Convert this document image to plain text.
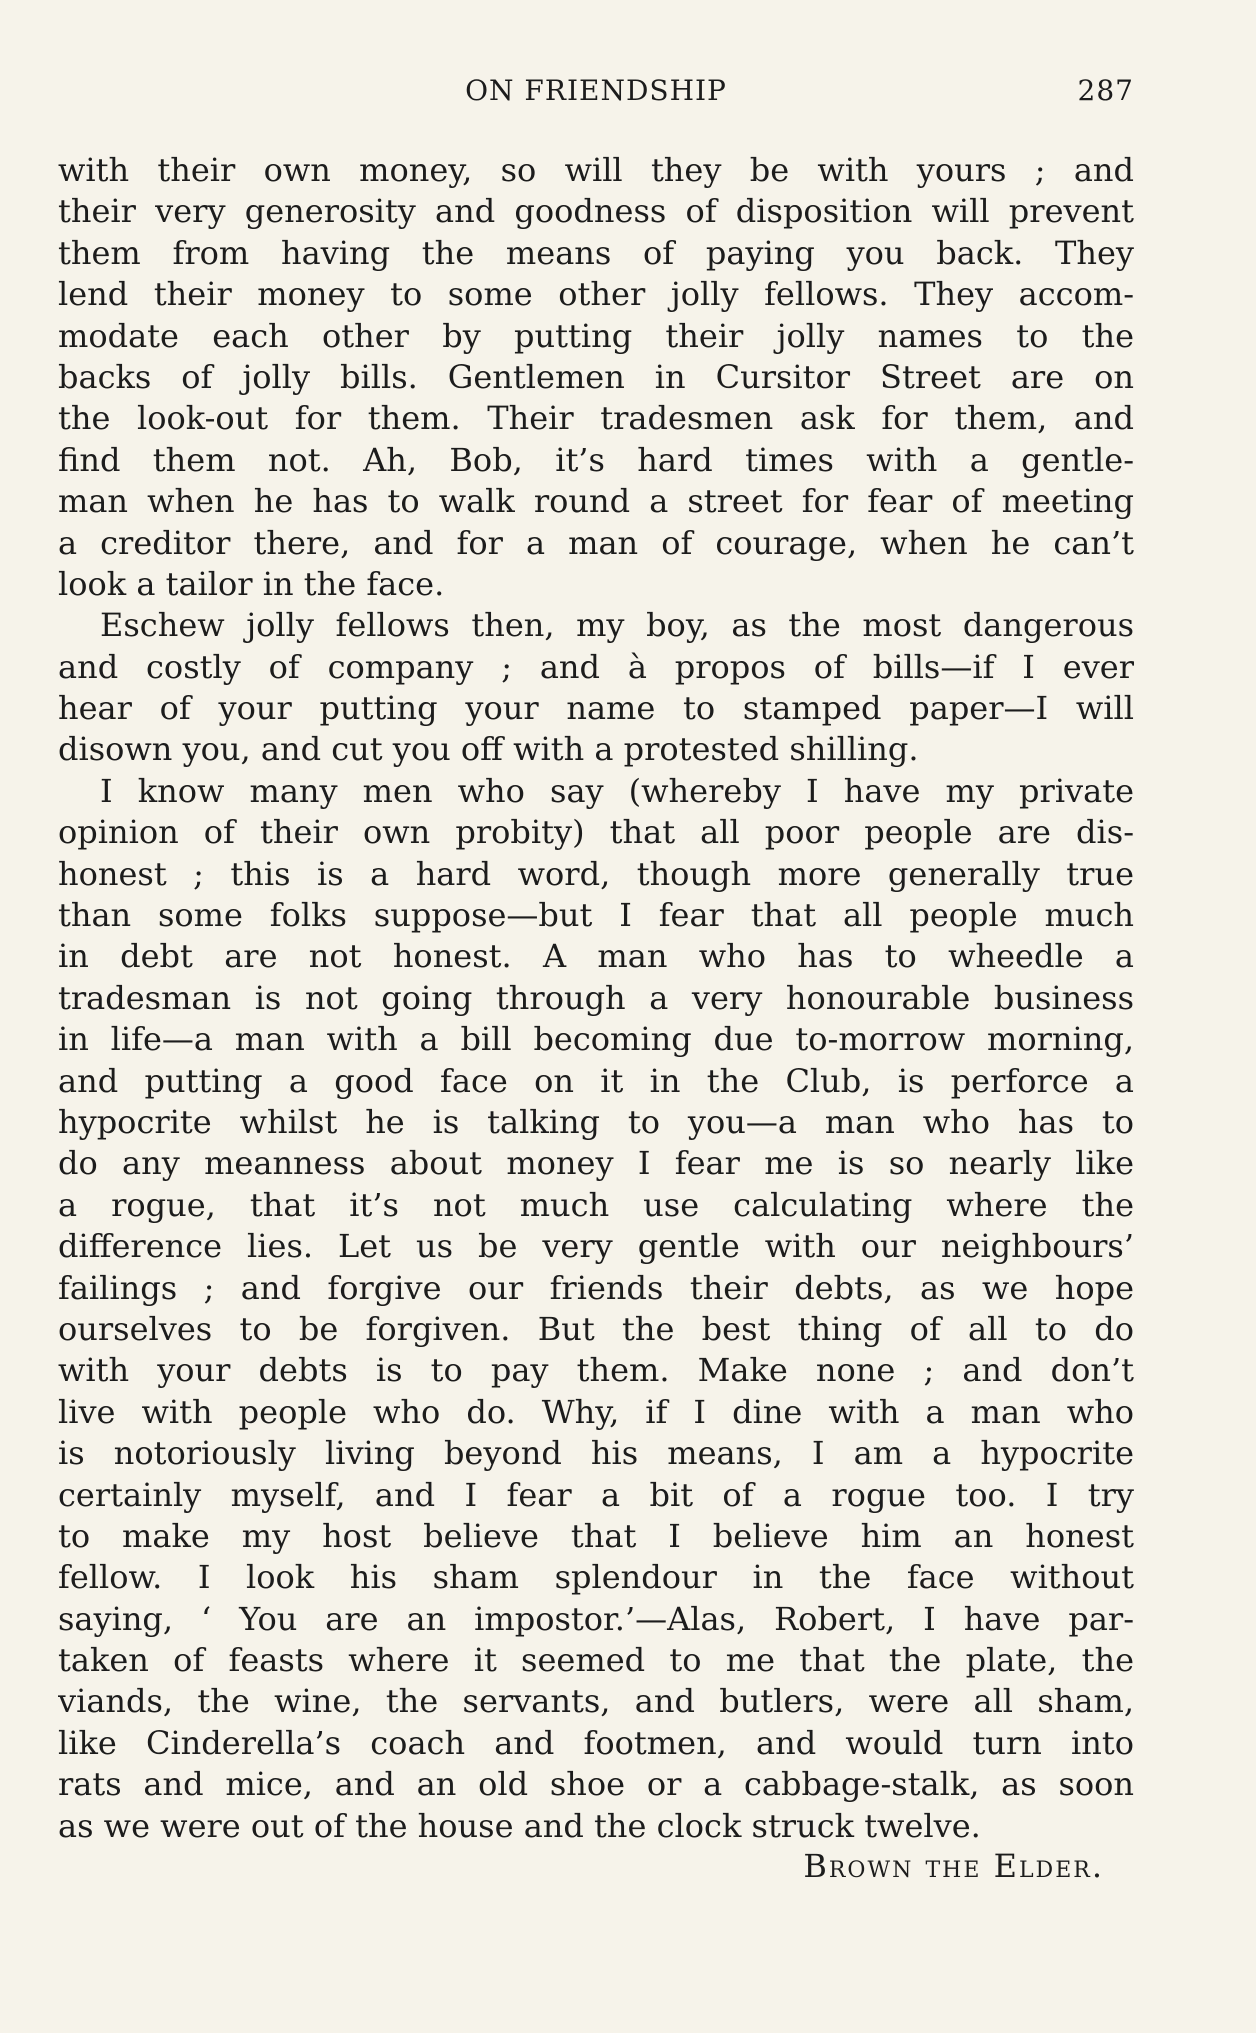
ON FRIENDSHIP	287
with their own money, so will they be with yours ; and
their very generosity and goodness of disposition will prevent
them from having the means of paying you back. They
lend their money to some other jolly fellows. They accom-
modate each other by putting their jolly names to the
backs of jolly bills. Gentlemen in Cursitor Street are on
the look-out for them. Their tradesmen ask for them, and
find them not. Ah, Bob, it’s hard times with a gentle-
man when he has to walk round a street for fear of meeting
a creditor there, and for a man of courage, when he can’t
look a tailor in the face.
Eschew jolly fellows then, my boy, as the most dangerous
and costly of company ; and à propos of bills—if I ever
hear of your putting your name to stamped paper—I will
disown you, and cut you off with a protested shilling.
I know many men who say (whereby I have my private
opinion of their own probity) that all poor people are dis-
honest ; this is a hard word, though more generally true
than some folks suppose—but I fear that all people much
in debt are not honest. A man who has to wheedle a
tradesman is not going through a very honourable business
in life—a man with a bill becoming due to-morrow morning,
and putting a good face on it in the Club, is perforce a
hypocrite whilst he is talking to you—a man who has to
do any meanness about money I fear me is so nearly like
a rogue, that it’s not much use calculating where the
difference lies. Let us be very gentle with our neighbours’
failings ; and forgive our friends their debts, as we hope
ourselves to be forgiven. But the best thing of all to do
with your debts is to pay them. Make none ; and don’t
live with people who do. Why, if I dine with a man who
is notoriously living beyond his means, I am a hypocrite
certainly myself, and I fear a bit of a rogue too. I try
to make my host believe that I believe him an honest
fellow. I look his sham splendour in the face without
saying, ‘ You are an impostor.’—Alas, Robert, I have par-
taken of feasts where it seemed to me that the plate, the
viands, the wine, the servants, and butlers, were all sham,
like Cinderella’s coach and footmen, and would turn into
rats and mice, and an old shoe or a cabbage-stalk, as soon
as we were out of the house and the clock struck twelve.
Brown the Elder.
